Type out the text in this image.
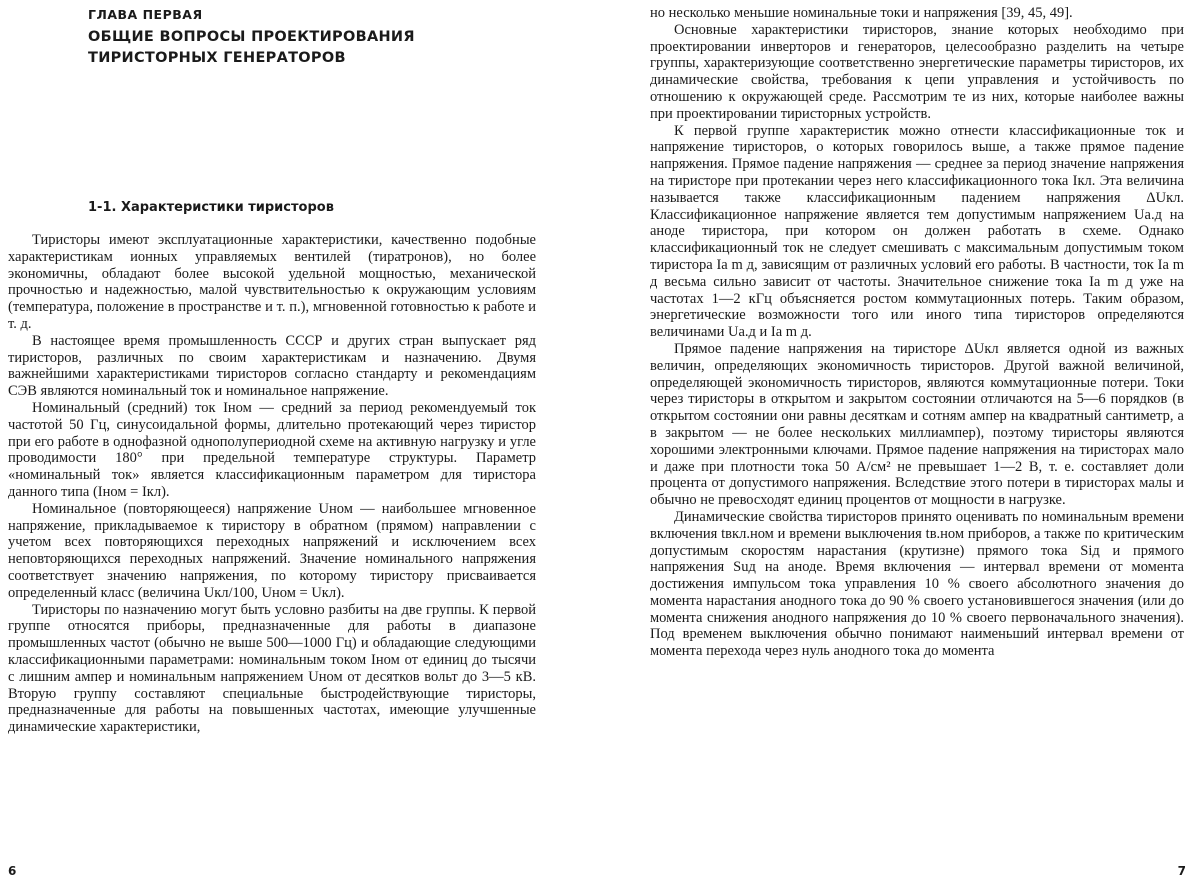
ГЛАВА ПЕРВАЯ
ОБЩИЕ ВОПРОСЫ ПРОЕКТИРОВАНИЯ ТИРИСТОРНЫХ ГЕНЕРАТОРОВ
1-1. Характеристики тиристоров

Тиристоры имеют эксплуатационные характеристики, качественно подобные характеристикам ионных управляемых вентилей (тиратронов), но более экономичны, обладают более высокой удельной мощностью, механической прочностью и надежностью, малой чувствительностью к окружающим условиям (температура, положение в пространстве и т. п.), мгновенной готовностью к работе и т. д.

В настоящее время промышленность СССР и других стран выпускает ряд тиристоров, различных по своим характеристикам и назначению. Двумя важнейшими характеристиками тиристоров согласно стандарту и рекомендациям СЭВ являются номинальный ток и номинальное напряжение.

Номинальный (средний) ток Iном — средний за период рекомендуемый ток частотой 50 Гц, синусоидальной формы, длительно протекающий через тиристор при его работе в однофазной однополупериодной схеме на активную нагрузку и угле проводимости 180° при предельной температуре структуры. Параметр «номинальный ток» является классификационным параметром для тиристора данного типа (Iном = Iкл).

Номинальное (повторяющееся) напряжение Uном — наибольшее мгновенное напряжение, прикладываемое к тиристору в обратном (прямом) направлении с учетом всех повторяющихся переходных напряжений и исключением всех неповторяющихся переходных напряжений. Значение номинального напряжения соответствует значению напряжения, по которому тиристору присваивается определенный класс (величина Uкл/100, Uном = Uкл).

Тиристоры по назначению могут быть условно разбиты на две группы. К первой группе относятся приборы, предназначенные для работы в диапазоне промышленных частот (обычно не выше 500—1000 Гц) и обладающие следующими классификационными параметрами: номинальным током Iном от единиц до тысячи с лишним ампер и номинальным напряжением Uном от десятков вольт до 3—5 кВ. Вторую группу составляют специальные быстродействующие тиристоры, предназначенные для работы на повышенных частотах, имеющие улучшенные динамические характеристики,

6

но несколько меньшие номинальные токи и напряжения [39, 45, 49].

Основные характеристики тиристоров, знание которых необходимо при проектировании инверторов и генераторов, целесообразно разделить на четыре группы, характеризующие соответственно энергетические параметры тиристоров, их динамические свойства, требования к цепи управления и устойчивость по отношению к окружающей среде. Рассмотрим те из них, которые наиболее важны при проектировании тиристорных устройств.

К первой группе характеристик можно отнести классификационные ток и напряжение тиристоров, о которых говорилось выше, а также прямое падение напряжения. Прямое падение напряжения — среднее за период значение напряжения на тиристоре при протекании через него классификационного тока Iкл. Эта величина называется также классификационным падением напряжения ΔUкл. Классификационное напряжение является тем допустимым напряжением Uа.д на аноде тиристора, при котором он должен работать в схеме. Однако классификационный ток не следует смешивать с максимальным допустимым током тиристора Iа m д, зависящим от различных условий его работы. В частности, ток Iа m д весьма сильно зависит от частоты. Значительное снижение тока Iа m д уже на частотах 1—2 кГц объясняется ростом коммутационных потерь. Таким образом, энергетические возможности того или иного типа тиристоров определяются величинами Uа.д и Iа m д.

Прямое падение напряжения на тиристоре ΔUкл является одной из важных величин, определяющих экономичность тиристоров. Другой важной величиной, определяющей экономичность тиристоров, являются коммутационные потери. Токи через тиристоры в открытом и закрытом состоянии отличаются на 5—6 порядков (в открытом состоянии они равны десяткам и сотням ампер на квадратный сантиметр, а в закрытом — не более нескольких миллиампер), поэтому тиристоры являются хорошими электронными ключами. Прямое падение напряжения на тиристорах мало и даже при плотности тока 50 А/см² не превышает 1—2 В, т. е. составляет доли процента от допустимого напряжения. Вследствие этого потери в тиристорах малы и обычно не превосходят единиц процентов от мощности в нагрузке.

Динамические свойства тиристоров принято оценивать по номинальным времени включения tвкл.ном и времени выключения tв.ном приборов, а также по критическим допустимым скоростям нарастания (крутизне) прямого тока Siд и прямого напряжения Suд на аноде. Время включения — интервал времени от момента достижения импульсом тока управления 10 % своего абсолютного значения до момента нарастания анодного тока до 90 % своего установившегося значения (или до момента снижения анодного напряжения до 10 % своего первоначального значения). Под временем выключения обычно понимают наименьший интервал времени от момента перехода через нуль анодного тока до момента

7
